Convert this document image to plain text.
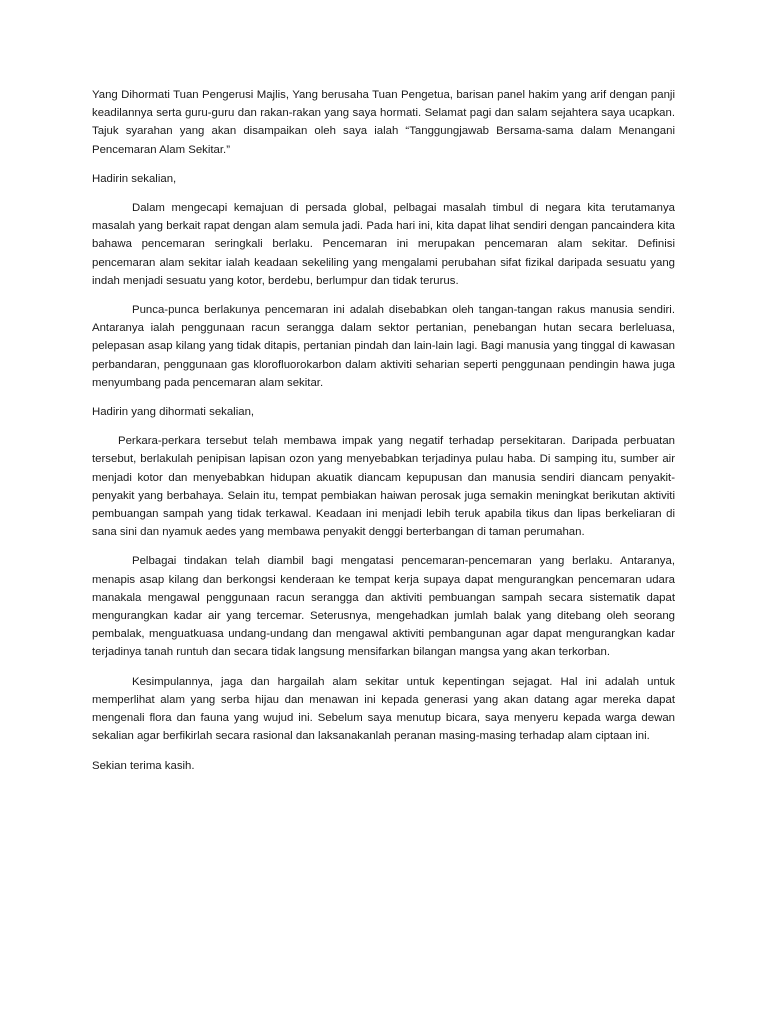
Yang Dihormati Tuan Pengerusi Majlis, Yang berusaha Tuan Pengetua, barisan panel hakim yang arif dengan panji keadilannya serta guru-guru dan rakan-rakan yang saya hormati. Selamat pagi dan salam sejahtera saya ucapkan. Tajuk syarahan yang akan disampaikan oleh saya ialah “Tanggungjawab Bersama-sama dalam Menangani Pencemaran Alam Sekitar.”

Hadirin sekalian,

Dalam mengecapi kemajuan di persada global, pelbagai masalah timbul di negara kita terutamanya masalah yang berkait rapat dengan alam semula jadi. Pada hari ini, kita dapat lihat sendiri dengan pancaindera kita bahawa pencemaran seringkali berlaku. Pencemaran ini merupakan pencemaran alam sekitar. Definisi pencemaran alam sekitar ialah keadaan sekeliling yang mengalami perubahan sifat fizikal daripada sesuatu yang indah menjadi sesuatu yang kotor, berdebu, berlumpur dan tidak terurus.

Punca-punca berlakunya pencemaran ini adalah disebabkan oleh tangan-tangan rakus manusia sendiri. Antaranya ialah penggunaan racun serangga dalam sektor pertanian, penebangan hutan secara berleluasa, pelepasan asap kilang yang tidak ditapis, pertanian pindah dan lain-lain lagi. Bagi manusia yang tinggal di kawasan perbandaran, penggunaan gas klorofluorokarbon dalam aktiviti seharian seperti penggunaan pendingin hawa juga menyumbang pada pencemaran alam sekitar.

Hadirin yang dihormati sekalian,

Perkara-perkara tersebut telah membawa impak yang negatif terhadap persekitaran. Daripada perbuatan tersebut, berlakulah penipisan lapisan ozon yang menyebabkan terjadinya pulau haba. Di samping itu, sumber air menjadi kotor dan menyebabkan hidupan akuatik diancam kepupusan dan manusia sendiri diancam penyakit-penyakit yang berbahaya. Selain itu, tempat pembiakan haiwan perosak juga semakin meningkat berikutan aktiviti pembuangan sampah yang tidak terkawal. Keadaan ini menjadi lebih teruk apabila tikus dan lipas berkeliaran di sana sini dan nyamuk aedes yang membawa penyakit denggi berterbangan di taman perumahan.

Pelbagai tindakan telah diambil bagi mengatasi pencemaran-pencemaran yang berlaku. Antaranya, menapis asap kilang dan berkongsi kenderaan ke tempat kerja supaya dapat mengurangkan pencemaran udara manakala mengawal penggunaan racun serangga dan aktiviti pembuangan sampah secara sistematik dapat mengurangkan kadar air yang tercemar. Seterusnya, mengehadkan jumlah balak yang ditebang oleh seorang pembalak, menguatkuasa undang-undang dan mengawal aktiviti pembangunan agar dapat mengurangkan kadar terjadinya tanah runtuh dan secara tidak langsung mensifarkan bilangan mangsa yang akan terkorban.

Kesimpulannya, jaga dan hargailah alam sekitar untuk kepentingan sejagat. Hal ini adalah untuk memperlihat alam yang serba hijau dan menawan ini kepada generasi yang akan datang agar mereka dapat mengenali flora dan fauna yang wujud ini. Sebelum saya menutup bicara, saya menyeru kepada warga dewan sekalian agar berfikirlah secara rasional dan laksanakanlah peranan masing-masing terhadap alam ciptaan ini.

Sekian terima kasih.
